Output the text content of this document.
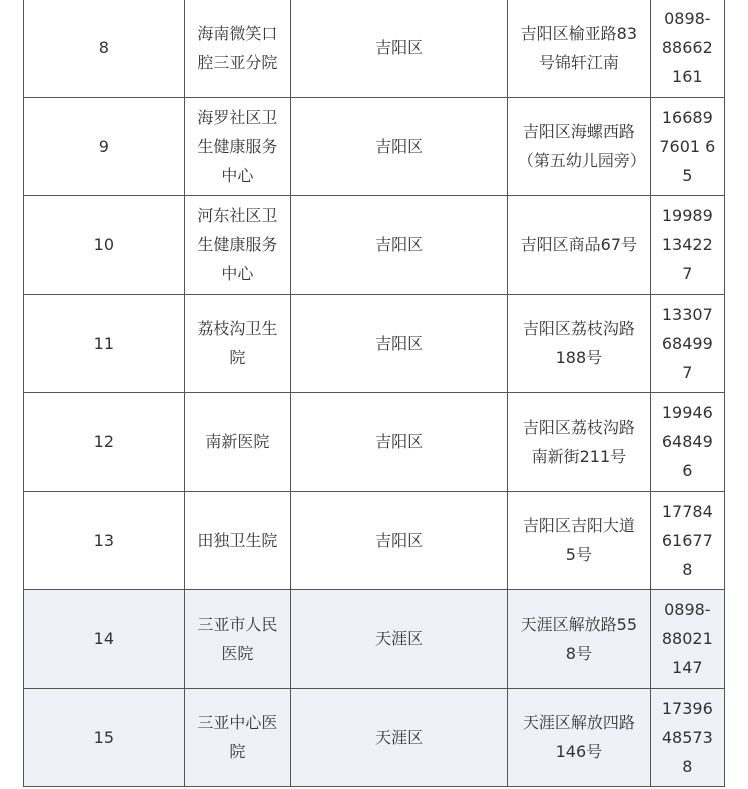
8	海南微笑口腔三亚分院	吉阳区	吉阳区榆亚路83号锦轩江南	0898-88662161

9	海罗社区卫生健康服务中心	吉阳区	吉阳区海螺西路（第五幼儿园旁）	166897601 65

10	河东社区卫生健康服务中心	吉阳区	吉阳区商品67号	19989134227

11	荔枝沟卫生院	吉阳区	吉阳区荔枝沟路188号	13307684997

12	南新医院	吉阳区	吉阳区荔枝沟路南新街211号	19946648496

13	田独卫生院	吉阳区	吉阳区吉阳大道5号	17784616778

14	三亚市人民医院	天涯区	天涯区解放路558号	0898-88021147

15	三亚中心医院	天涯区	天涯区解放四路146号	17396485738
